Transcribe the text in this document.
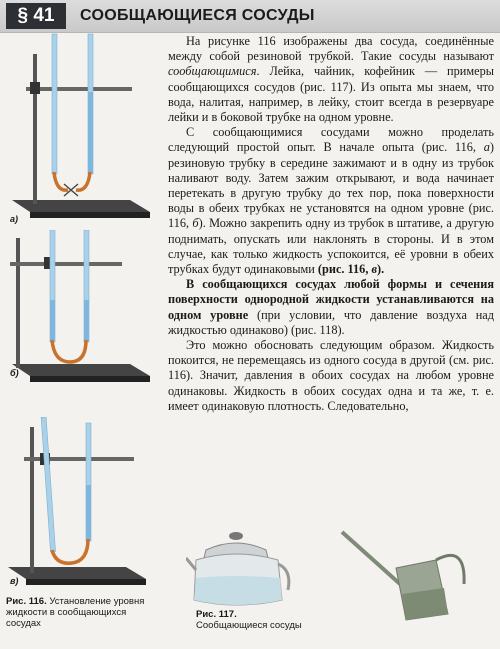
§ 41	СООБЩАЮЩИЕСЯ СОСУДЫ

На рисунке 116 изображены два сосуда, соединённые между собой резиновой трубкой. Такие сосуды называют сообщающимися. Лейка, чайник, кофейник — примеры сообщающихся сосудов (рис. 117). Из опыта мы знаем, что вода, налитая, например, в лейку, стоит всегда в резервуаре лейки и в боковой трубке на одном уровне.

С сообщающимися сосудами можно проделать следующий простой опыт. В начале опыта (рис. 116, а) резиновую трубку в середине зажимают и в одну из трубок наливают воду. Затем зажим открывают, и вода начинает перетекать в другую трубку до тех пор, пока поверхности воды в обеих трубках не установятся на одном уровне (рис. 116, б). Можно закрепить одну из трубок в штативе, а другую поднимать, опускать или наклонять в стороны. И в этом случае, как только жидкость успокоится, её уровни в обеих трубках будут одинаковыми (рис. 116, в).

В сообщающихся сосудах любой формы и сечения поверхности однородной жидкости устанавливаются на одном уровне (при условии, что давление воздуха над жидкостью одинаково) (рис. 118).

Это можно обосновать следующим образом. Жидкость покоится, не перемещаясь из одного сосуда в другой (см. рис. 116). Значит, давления в обоих сосудах на любом уровне одинаковы. Жидкость в обоих сосудах одна и та же, т. е. имеет одинаковую плотность. Следовательно,

а)
б)
в)
Рис. 116. Установление уровня жидкости в сообщающихся сосудах
Рис. 117.
Сообщающиеся сосуды
